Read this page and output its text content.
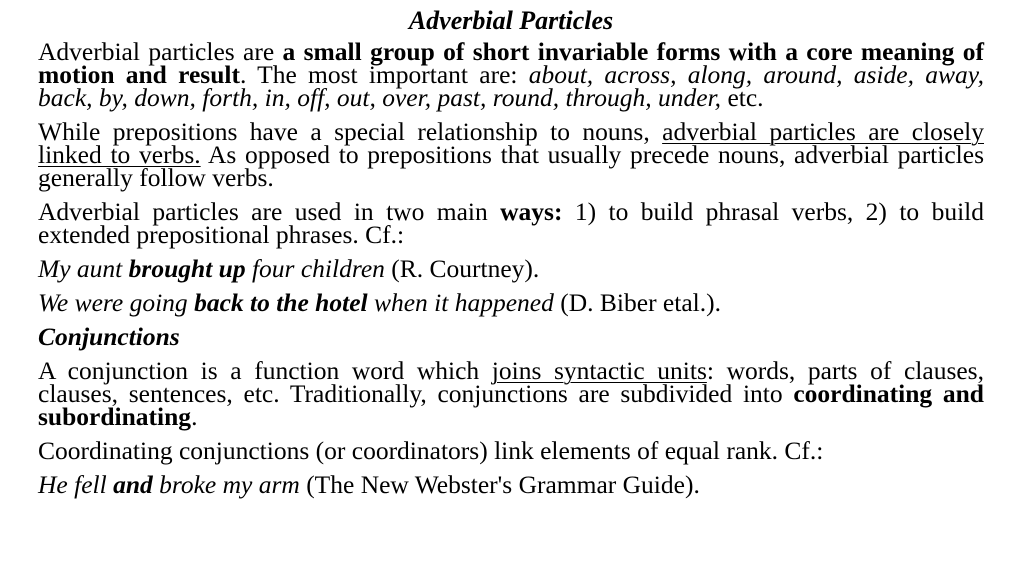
Adverbial Particles
Adverbial particles are a small group of short invariable forms with a core meaning of motion and result. The most important are: about, across, along, around, aside, away, back, by, down, forth, in, off, out, over, past, round, through, under, etc.
While prepositions have a special relationship to nouns, adverbial particles are closely linked to verbs. As opposed to prepositions that usually precede nouns, adverbial particles generally follow verbs.
Adverbial particles are used in two main ways: 1) to build phrasal verbs, 2) to build extended prepositional phrases. Cf.:
My aunt brought up four children (R. Courtney).
We were going back to the hotel when it happened (D. Biber etal.).
Conjunctions
A conjunction is a function word which joins syntactic units: words, parts of clauses, clauses, sentences, etc. Traditionally, conjunctions are subdivided into coordinating and subordinating.
Coordinating conjunctions (or coordinators) link elements of equal rank. Cf.:
He fell and broke my arm (The New Webster's Grammar Guide).
